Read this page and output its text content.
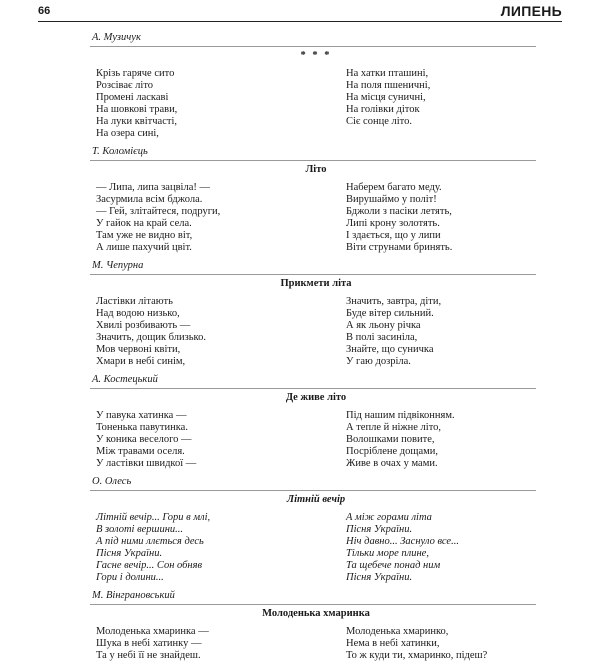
66	ЛИПЕНЬ
А. Музичук
* * *
Крізь гаряче сито
Розсіває літо
Промені ласкаві
На шовкові трави,
На луки квітчасті,
На озера сині,
На хатки пташині,
На поля пшеничні,
На місця суничні,
На голівки діток
Сіє сонце літо.
Т. Коломієць
Літо
— Липа, липа зацвіла! —
Засурмила всім бджола.
— Гей, злітайтеся, подруги,
У гайок на край села.
Там уже не видно віт,
А лише пахучий цвіт.
Наберем багато меду.
Вирушаймо у політ!
Бджоли з пасіки летять,
Липі крону золотять.
І здається, що у липи
Віти струнами бринять.
М. Чепурна
Прикмети літа
Ластівки літають
Над водою низько,
Хвилі розбивають —
Значить, дощик близько.
Мов червоні квіти,
Хмари в небі синім,
Значить, завтра, діти,
Буде вітер сильний.
А як льону річка
В полі засиніла,
Знайте, що суничка
У гаю дозріла.
А. Костецький
Де живе літо
У павука хатинка —
Тоненька павутинка.
У коника веселого —
Між травами оселя.
У ластівки швидкої —
Під нашим підвіконням.
А тепле й ніжне літо,
Волошками повите,
Посріблене дощами,
Живе в очах у мами.
О. Олесь
Літній вечір
Літній вечір... Гори в млі,
В золоті вершини...
А під ними ллється десь
Пісня України.
Гасне вечір... Сон обняв
Гори і долини...
А між горами літа
Пісня України.
Ніч давно... Заснуло все...
Тільки море плине,
Та щебече понад ним
Пісня України.
М. Вінграновський
Молоденька хмаринка
Молоденька хмаринка —
Шука в небі хатинку —
Та у небі її не знайдеш.
Молоденька хмаринко,
Нема в небі хатинки,
То ж куди ти, хмаринко, підеш?
